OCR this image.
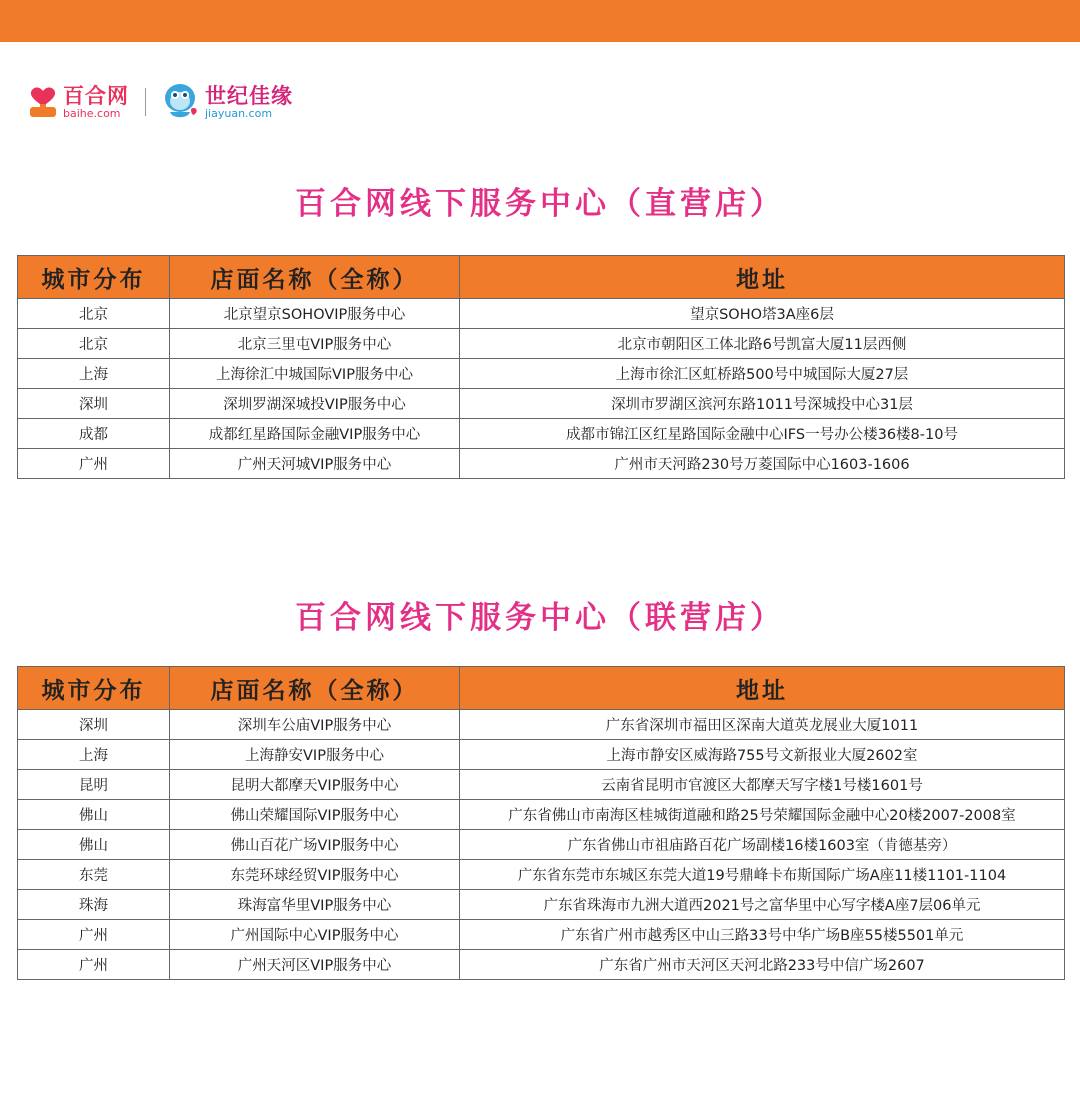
百合网
baihe.com
世纪佳缘
jiayuan.com
百合网线下服务中心（直营店）
城市分布	店面名称（全称）	地址
北京	北京望京SOHOVIP服务中心	望京SOHO塔3A座6层
北京	北京三里屯VIP服务中心	北京市朝阳区工体北路6号凯富大厦11层西侧
上海	上海徐汇中城国际VIP服务中心	上海市徐汇区虹桥路500号中城国际大厦27层
深圳	深圳罗湖深城投VIP服务中心	深圳市罗湖区滨河东路1011号深城投中心31层
成都	成都红星路国际金融VIP服务中心	成都市锦江区红星路国际金融中心IFS一号办公楼36楼8-10号
广州	广州天河城VIP服务中心	广州市天河路230号万菱国际中心1603-1606
百合网线下服务中心（联营店）
城市分布	店面名称（全称）	地址
深圳	深圳车公庙VIP服务中心	广东省深圳市福田区深南大道英龙展业大厦1011
上海	上海静安VIP服务中心	上海市静安区威海路755号文新报业大厦2602室
昆明	昆明大都摩天VIP服务中心	云南省昆明市官渡区大都摩天写字楼1号楼1601号
佛山	佛山荣耀国际VIP服务中心	广东省佛山市南海区桂城街道融和路25号荣耀国际金融中心20楼2007-2008室
佛山	佛山百花广场VIP服务中心	广东省佛山市祖庙路百花广场副楼16楼1603室（肯德基旁）
东莞	东莞环球经贸VIP服务中心	广东省东莞市东城区东莞大道19号鼎峰卡布斯国际广场A座11楼1101-1104
珠海	珠海富华里VIP服务中心	广东省珠海市九洲大道西2021号之富华里中心写字楼A座7层06单元
广州	广州国际中心VIP服务中心	广东省广州市越秀区中山三路33号中华广场B座55楼5501单元
广州	广州天河区VIP服务中心	广东省广州市天河区天河北路233号中信广场2607
